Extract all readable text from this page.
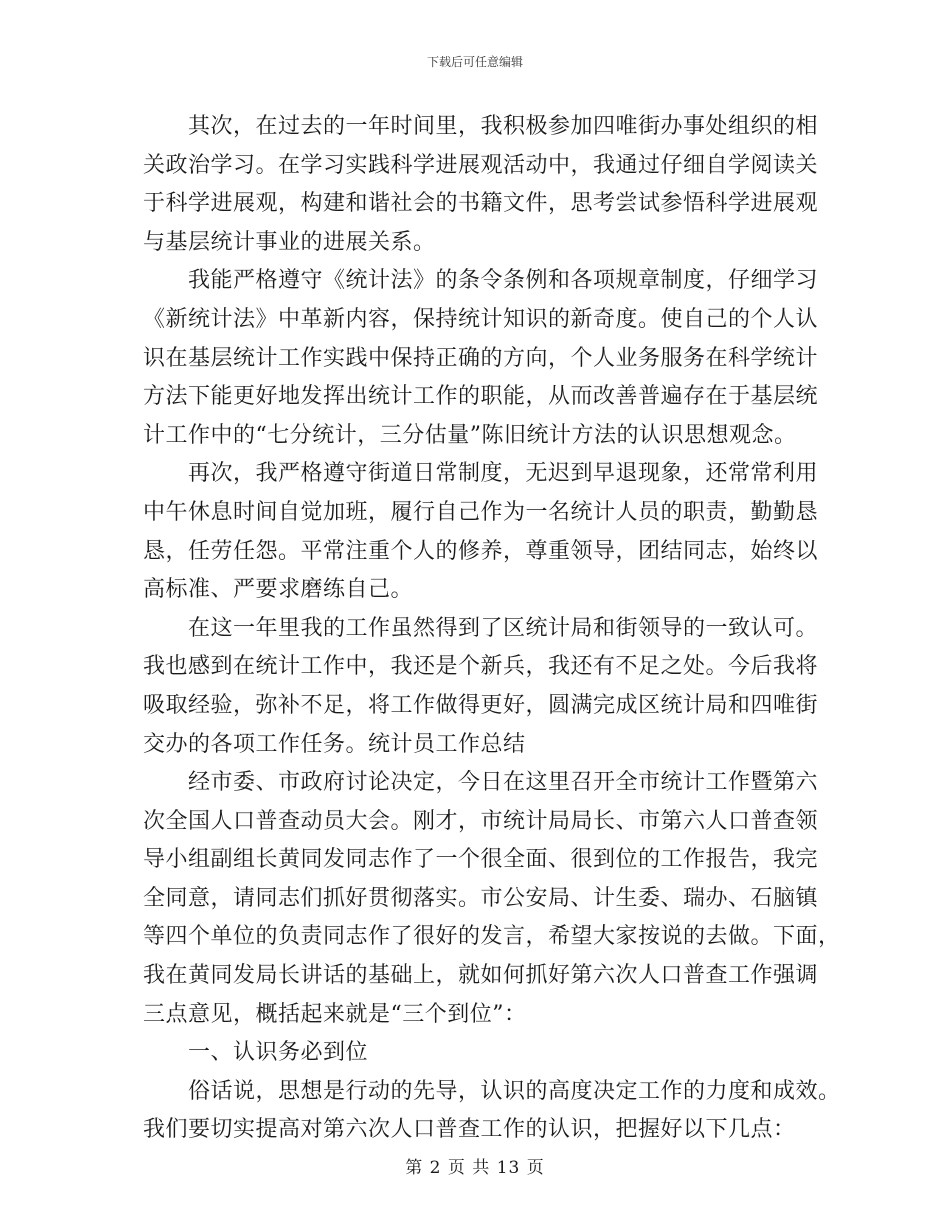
下载后可任意编辑
其次，在过去的一年时间里，我积极参加四唯街办事处组织的相
关政治学习。在学习实践科学进展观活动中，我通过仔细自学阅读关
于科学进展观，构建和谐社会的书籍文件，思考尝试参悟科学进展观
与基层统计事业的进展关系。
我能严格遵守《统计法》的条令条例和各项规章制度，仔细学习
《新统计法》中革新内容，保持统计知识的新奇度。使自己的个人认
识在基层统计工作实践中保持正确的方向，个人业务服务在科学统计
方法下能更好地发挥出统计工作的职能，从而改善普遍存在于基层统
计工作中的“七分统计，三分估量”陈旧统计方法的认识思想观念。
再次，我严格遵守街道日常制度，无迟到早退现象，还常常利用
中午休息时间自觉加班，履行自己作为一名统计人员的职责，勤勤恳
恳，任劳任怨。平常注重个人的修养，尊重领导，团结同志，始终以
高标准、严要求磨练自己。
在这一年里我的工作虽然得到了区统计局和街领导的一致认可。
我也感到在统计工作中，我还是个新兵，我还有不足之处。今后我将
吸取经验，弥补不足，将工作做得更好，圆满完成区统计局和四唯街
交办的各项工作任务。统计员工作总结
经市委、市政府讨论决定，今日在这里召开全市统计工作暨第六
次全国人口普查动员大会。刚才，市统计局局长、市第六人口普查领
导小组副组长黄同发同志作了一个很全面、很到位的工作报告，我完
全同意，请同志们抓好贯彻落实。市公安局、计生委、瑞办、石脑镇
等四个单位的负责同志作了很好的发言，希望大家按说的去做。下面，
我在黄同发局长讲话的基础上，就如何抓好第六次人口普查工作强调
三点意见，概括起来就是“三个到位”：
一、认识务必到位
俗话说，思想是行动的先导，认识的高度决定工作的力度和成效。
我们要切实提高对第六次人口普查工作的认识，把握好以下几点：
第 2 页 共 13 页
